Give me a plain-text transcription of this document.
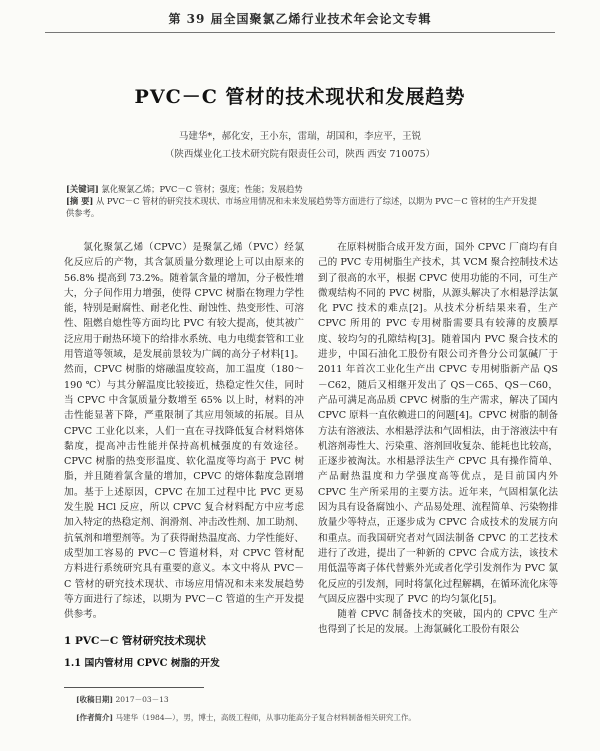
第 39 届全国聚氯乙烯行业技术年会论文专辑
PVC－C 管材的技术现状和发展趋势
马建华*，郝化安，王小东，雷瑞，胡国和，李应平，王锐
（陕西煤业化工技术研究院有限责任公司，陕西 西安 710075）
[关键词] 氯化聚氯乙烯；PVC－C 管材；强度；性能；发展趋势
[摘 要] 从 PVC－C 管材的研究技术现状、市场应用情况和未来发展趋势等方面进行了综述，以期为 PVC－C 管材的生产开发提供参考。

氯化聚氯乙烯（CPVC）是聚氯乙烯（PVC）经氯化反应后的产物，其含氯质量分数理论上可以由原来的 56.8% 提高到 73.2%。随着氯含量的增加，分子极性增大，分子间作用力增强，使得 CPVC 树脂在物理力学性能，特别是耐腐性、耐老化性、耐蚀性、热变形性、可溶性、阻燃自熄性等方面均比 PVC 有较大提高，使其被广泛应用于耐热环境下的给排水系统、电力电缆套管和工业用管道等领域，是发展前景较为广阔的高分子材料[1]。然而，CPVC 树脂的熔融温度较高，加工温度（180～190 ℃）与其分解温度比较接近，热稳定性欠佳，同时当 CPVC 中含氯质量分数增至 65% 以上时，材料的冲击性能显著下降，严重限制了其应用领域的拓展。目从 CPVC 工业化以来，人们一直在寻找降低复合材料熔体黏度，提高冲击性能并保持高机械强度的有效途径。CPVC 树脂的热变形温度、软化温度等均高于 PVC 树脂，并且随着氯含量的增加，CPVC 的熔体黏度急剧增加。基于上述原因，CPVC 在加工过程中比 PVC 更易发生脱 HCl 反应，所以 CPVC 复合材料配方中应考虑加入特定的热稳定剂、润滑剂、冲击改性剂、加工助剂、抗氧剂和增塑剂等。为了获得耐热温度高、力学性能好、成型加工容易的 PVC－C 管道材料，对 CPVC 管材配方料进行系统研究具有重要的意义。本文中将从 PVC－C 管材的研究技术现状、市场应用情况和未来发展趋势等方面进行了综述，以期为 PVC－C 管道的生产开发提供参考。

1 PVC－C 管材研究技术现状
1.1 国内管材用 CPVC 树脂的开发

在原料树脂合成开发方面，国外 CPVC 厂商均有自己的 PVC 专用树脂生产技术，其 VCM 聚合控制技术达到了很高的水平，根据 CPVC 使用功能的不同，可生产微观结构不同的 PVC 树脂，从源头解决了水相悬浮法氯化 PVC 技术的难点[2]。从技术分析结果来看，生产 CPVC 所用的 PVC 专用树脂需要具有较薄的皮膜厚度、较均匀的孔隙结构[3]。随着国内 PVC 聚合技术的进步，中国石油化工股份有限公司齐鲁分公司氯碱厂于 2011 年首次工业化生产出 CPVC 专用树脂新产品 QS－C62，随后又相继开发出了 QS－C65、QS－C60，产品可满足高品质 CPVC 树脂的生产需求，解决了国内 CPVC 原料一直依赖进口的问题[4]。CPVC 树脂的制备方法有溶液法、水相悬浮法和气固相法，由于溶液法中有机溶剂毒性大、污染重、溶剂回收复杂、能耗也比较高，正逐步被淘汰。水相悬浮法生产 CPVC 具有操作简单、产品耐热温度和力学强度高等优点，是目前国内外 CPVC 生产所采用的主要方法。近年来，气固相氯化法因为具有设备腐蚀小、产品易处理、流程简单、污染物排放量少等特点，正逐步成为 CPVC 合成技术的发展方向和重点。而我国研究者对气固法制备 CPVC 的工艺技术进行了改进，提出了一种新的 CPVC 合成方法，该技术用低温等离子体代替紫外光或者化学引发剂作为 PVC 氯化反应的引发剂，同时将氯化过程解耦，在循环流化床等气固反应器中实现了 PVC 的均匀氯化[5]。

随着 CPVC 制备技术的突破，国内的 CPVC 生产也得到了长足的发展。上海氯碱化工股份有限公

[收稿日期] 2017－03－13
[作者简介] 马建华（1984—），男，博士，高级工程师，从事功能高分子复合材料制备相关研究工作。
